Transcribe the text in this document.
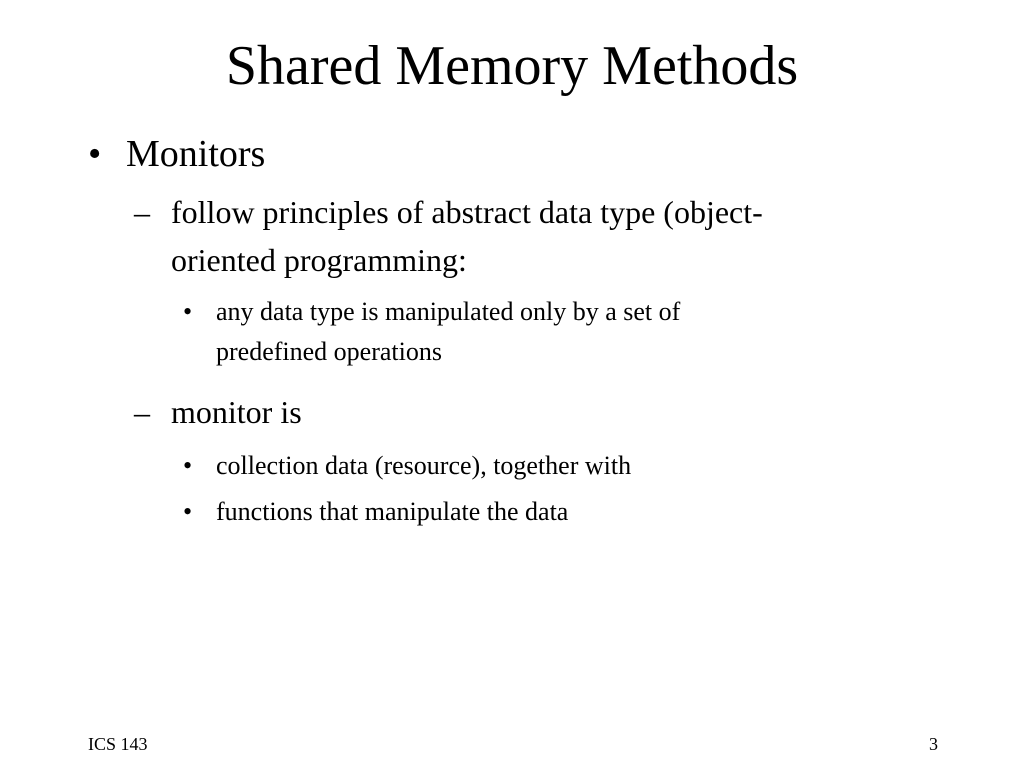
Shared Memory Methods
• Monitors
– follow principles of abstract data type (object-
oriented programming:
• any data type is manipulated only by a set of
predefined operations
– monitor is
• collection data (resource), together with
• functions that manipulate the data
ICS 143	3
